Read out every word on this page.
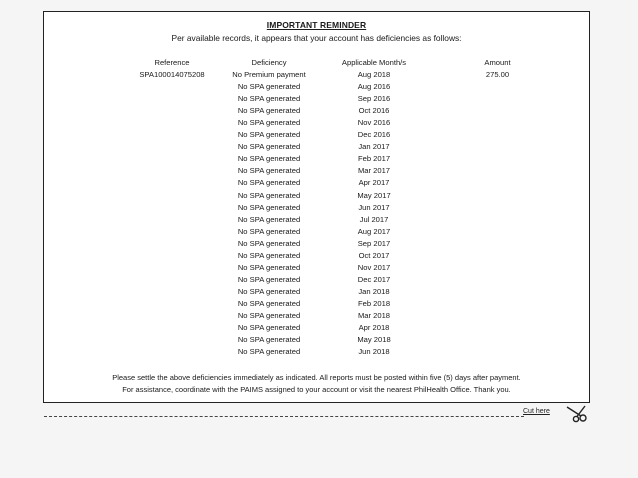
IMPORTANT REMINDER
Per available records, it appears that your account has deficiencies as follows:
Reference
SPA100014075208
Deficiency
No Premium payment
No SPA generated
No SPA generated
No SPA generated
No SPA generated
No SPA generated
No SPA generated
No SPA generated
No SPA generated
No SPA generated
No SPA generated
No SPA generated
No SPA generated
No SPA generated
No SPA generated
No SPA generated
No SPA generated
No SPA generated
No SPA generated
No SPA generated
No SPA generated
No SPA generated
No SPA generated
No SPA generated
Applicable Month/s
Aug 2018
Aug 2016
Sep 2016
Oct 2016
Nov 2016
Dec 2016
Jan 2017
Feb 2017
Mar 2017
Apr 2017
May 2017
Jun 2017
Jul 2017
Aug 2017
Sep 2017
Oct 2017
Nov 2017
Dec 2017
Jan 2018
Feb 2018
Mar 2018
Apr 2018
May 2018
Jun 2018
Amount
275.00
Please settle the above deficiencies immediately as indicated. All reports must be posted within five (5) days after payment.
For assistance, coordinate with the PAIMS assigned to your account or visit the nearest PhilHealth Office. Thank you.
Cut here
